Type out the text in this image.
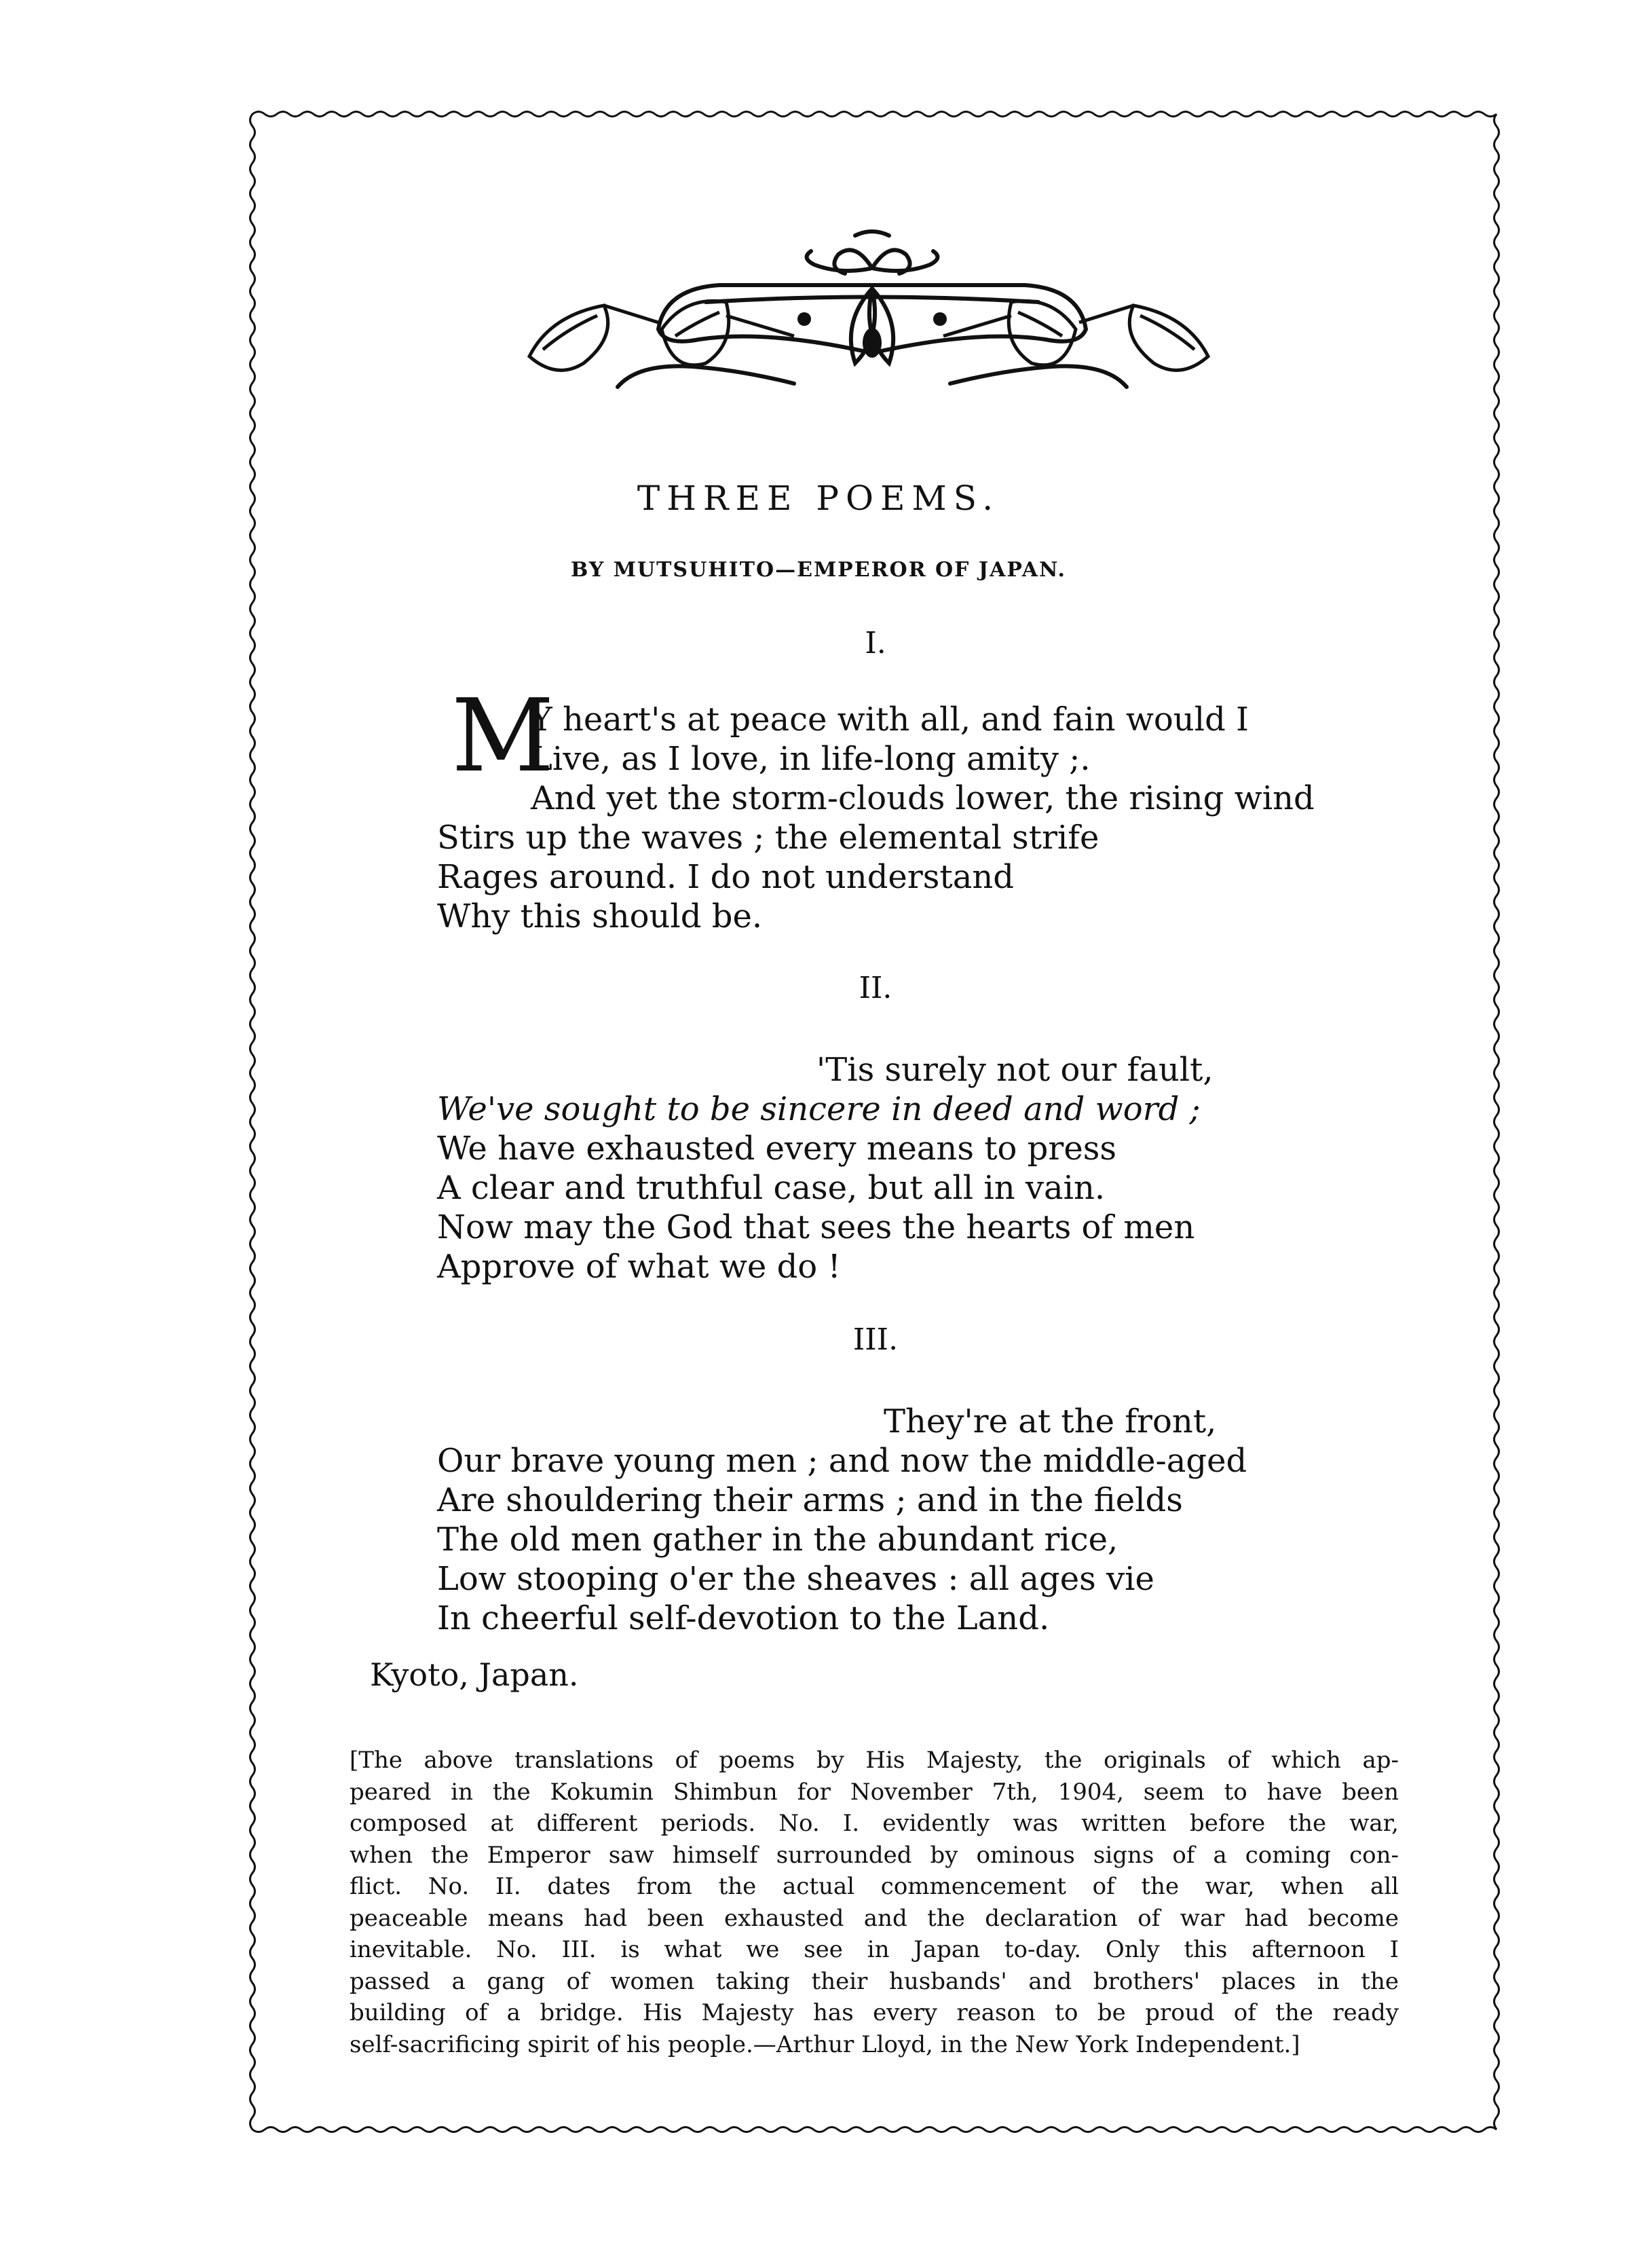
THREE POEMS.
BY MUTSUHITO—EMPEROR OF JAPAN.
I.
M
Y heart's at peace with all, and fain would I
Live, as I love, in life-long amity ;.
And yet the storm-clouds lower, the rising wind
Stirs up the waves ; the elemental strife
Rages around. I do not understand
Why this should be.
II.
'Tis surely not our fault,
We've sought to be sincere in deed and word ;
We have exhausted every means to press
A clear and truthful case, but all in vain.
Now may the God that sees the hearts of men
Approve of what we do !
III.
They're at the front,
Our brave young men ; and now the middle-aged
Are shouldering their arms ; and in the fields
The old men gather in the abundant rice,
Low stooping o'er the sheaves : all ages vie
In cheerful self-devotion to the Land.
Kyoto, Japan.
[The above translations of poems by His Majesty, the originals of which ap-
peared in the Kokumin Shimbun for November 7th, 1904, seem to have been
composed at different periods. No. I. evidently was written before the war,
when the Emperor saw himself surrounded by ominous signs of a coming con-
flict. No. II. dates from the actual commencement of the war, when all
peaceable means had been exhausted and the declaration of war had become
inevitable. No. III. is what we see in Japan to-day. Only this afternoon I
passed a gang of women taking their husbands' and brothers' places in the
building of a bridge. His Majesty has every reason to be proud of the ready
self-sacrificing spirit of his people.—Arthur Lloyd, in the New York Independent.]
